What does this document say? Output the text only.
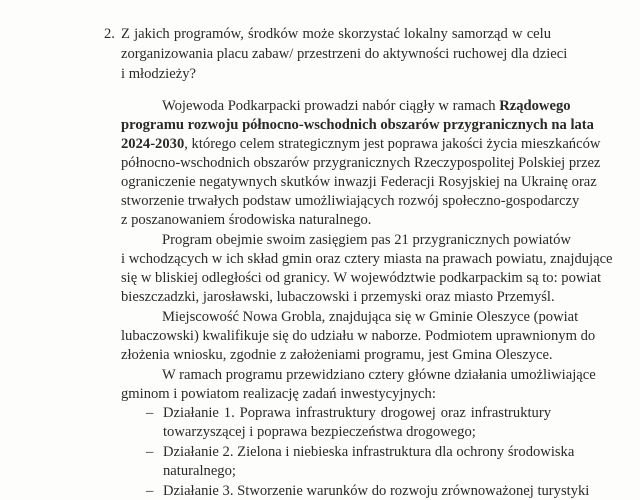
2. Z jakich programów, środków może skorzystać lokalny samorząd w celu
zorganizowania placu zabaw/ przestrzeni do aktywności ruchowej dla dzieci
i młodzieży?
Wojewoda Podkarpacki prowadzi nabór ciągły w ramach Rządowego
programu rozwoju północno-wschodnich obszarów przygranicznych na lata
2024-2030, którego celem strategicznym jest poprawa jakości życia mieszkańców
północno-wschodnich obszarów przygranicznych Rzeczypospolitej Polskiej przez
ograniczenie negatywnych skutków inwazji Federacji Rosyjskiej na Ukrainę oraz
stworzenie trwałych podstaw umożliwiających rozwój społeczno-gospodarczy
z poszanowaniem środowiska naturalnego.
Program obejmie swoim zasięgiem pas 21 przygranicznych powiatów
i wchodzących w ich skład gmin oraz cztery miasta na prawach powiatu, znajdujące
się w bliskiej odległości od granicy. W województwie podkarpackim są to: powiat
bieszczadzki, jarosławski, lubaczowski i przemyski oraz miasto Przemyśl.
Miejscowość Nowa Grobla, znajdująca się w Gminie Oleszyce (powiat
lubaczowski) kwalifikuje się do udziału w naborze. Podmiotem uprawnionym do
złożenia wniosku, zgodnie z założeniami programu, jest Gmina Oleszyce.
W ramach programu przewidziano cztery główne działania umożliwiające
gminom i powiatom realizację zadań inwestycyjnych:
– Działanie 1. Poprawa infrastruktury drogowej oraz infrastruktury
towarzyszącej i poprawa bezpieczeństwa drogowego;
– Działanie 2. Zielona i niebieska infrastruktura dla ochrony środowiska
naturalnego;
– Działanie 3. Stworzenie warunków do rozwoju zrównoważonej turystyki
